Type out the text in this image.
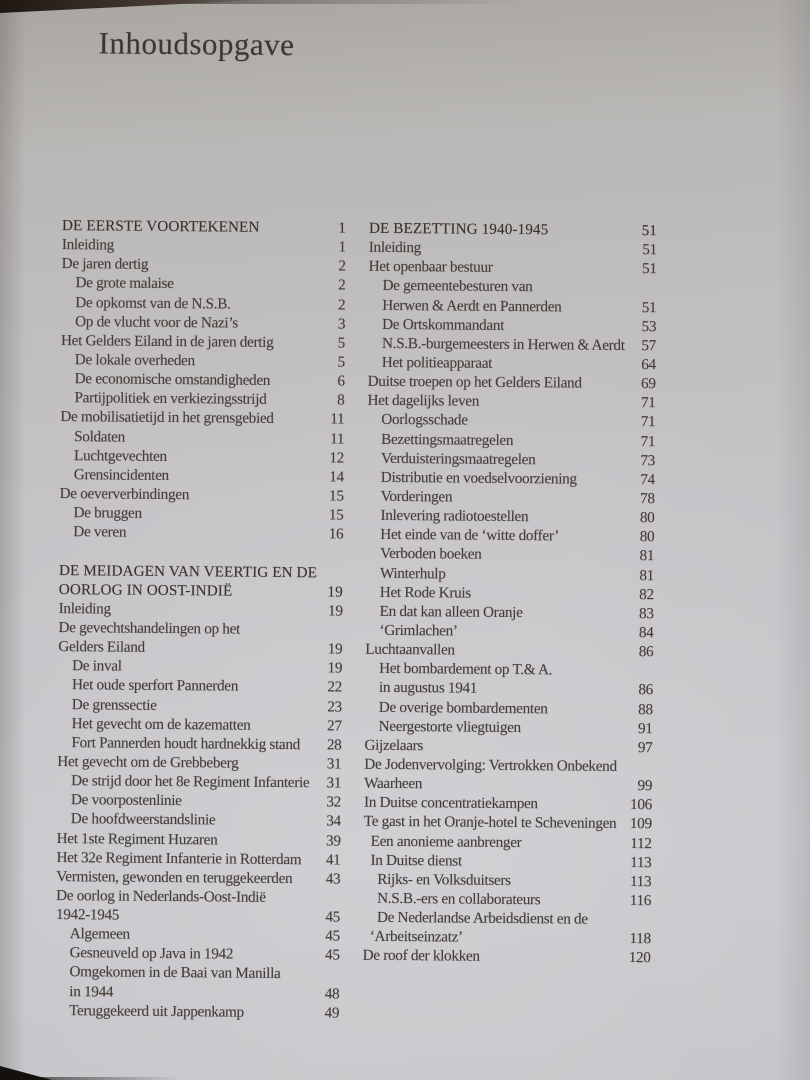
Inhoudsopgave
DE EERSTE VOORTEKENEN	1
Inleiding	1
De jaren dertig	2
De grote malaise	2
De opkomst van de N.S.B.	2
Op de vlucht voor de Nazi’s	3
Het Gelders Eiland in de jaren dertig	5
De lokale overheden	5
De economische omstandigheden	6
Partijpolitiek en verkiezingsstrijd	8
De mobilisatietijd in het grensgebied	11
Soldaten	11
Luchtgevechten	12
Grensincidenten	14
De oeververbindingen	15
De bruggen	15
De veren	16
DE MEIDAGEN VAN VEERTIG EN DE
OORLOG IN OOST-INDIË	19
Inleiding	19
De gevechtshandelingen op het
Gelders Eiland	19
De inval	19
Het oude sperfort Pannerden	22
De grenssectie	23
Het gevecht om de kazematten	27
Fort Pannerden houdt hardnekkig stand	28
Het gevecht om de Grebbeberg	31
De strijd door het 8e Regiment Infanterie	31
De voorpostenlinie	32
De hoofdweerstandslinie	34
Het 1ste Regiment Huzaren	39
Het 32e Regiment Infanterie in Rotterdam	41
Vermisten, gewonden en teruggekeerden	43
De oorlog in Nederlands-Oost-Indië
1942-1945	45
Algemeen	45
Gesneuveld op Java in 1942	45
Omgekomen in de Baai van Manilla
in 1944	48
Teruggekeerd uit Jappenkamp	49
DE BEZETTING 1940-1945	51
Inleiding	51
Het openbaar bestuur	51
De gemeentebesturen van
Herwen & Aerdt en Pannerden	51
De Ortskommandant	53
N.S.B.-burgemeesters in Herwen & Aerdt	57
Het politieapparaat	64
Duitse troepen op het Gelders Eiland	69
Het dagelijks leven	71
Oorlogsschade	71
Bezettingsmaatregelen	71
Verduisteringsmaatregelen	73
Distributie en voedselvoorziening	74
Vorderingen	78
Inlevering radiotoestellen	80
Het einde van de ‘witte doffer’	80
Verboden boeken	81
Winterhulp	81
Het Rode Kruis	82
En dat kan alleen Oranje	83
‘Grimlachen’	84
Luchtaanvallen	86
Het bombardement op T.& A.
in augustus 1941	86
De overige bombardementen	88
Neergestorte vliegtuigen	91
Gijzelaars	97
De Jodenvervolging: Vertrokken Onbekend
Waarheen	99
In Duitse concentratiekampen	106
Te gast in het Oranje-hotel te Scheveningen 109
Een anonieme aanbrenger	112
In Duitse dienst	113
Rijks- en Volksduitsers	113
N.S.B.-ers en collaborateurs	116
De Nederlandse Arbeidsdienst en de
‘Arbeitseinzatz’	118
De roof der klokken	120
